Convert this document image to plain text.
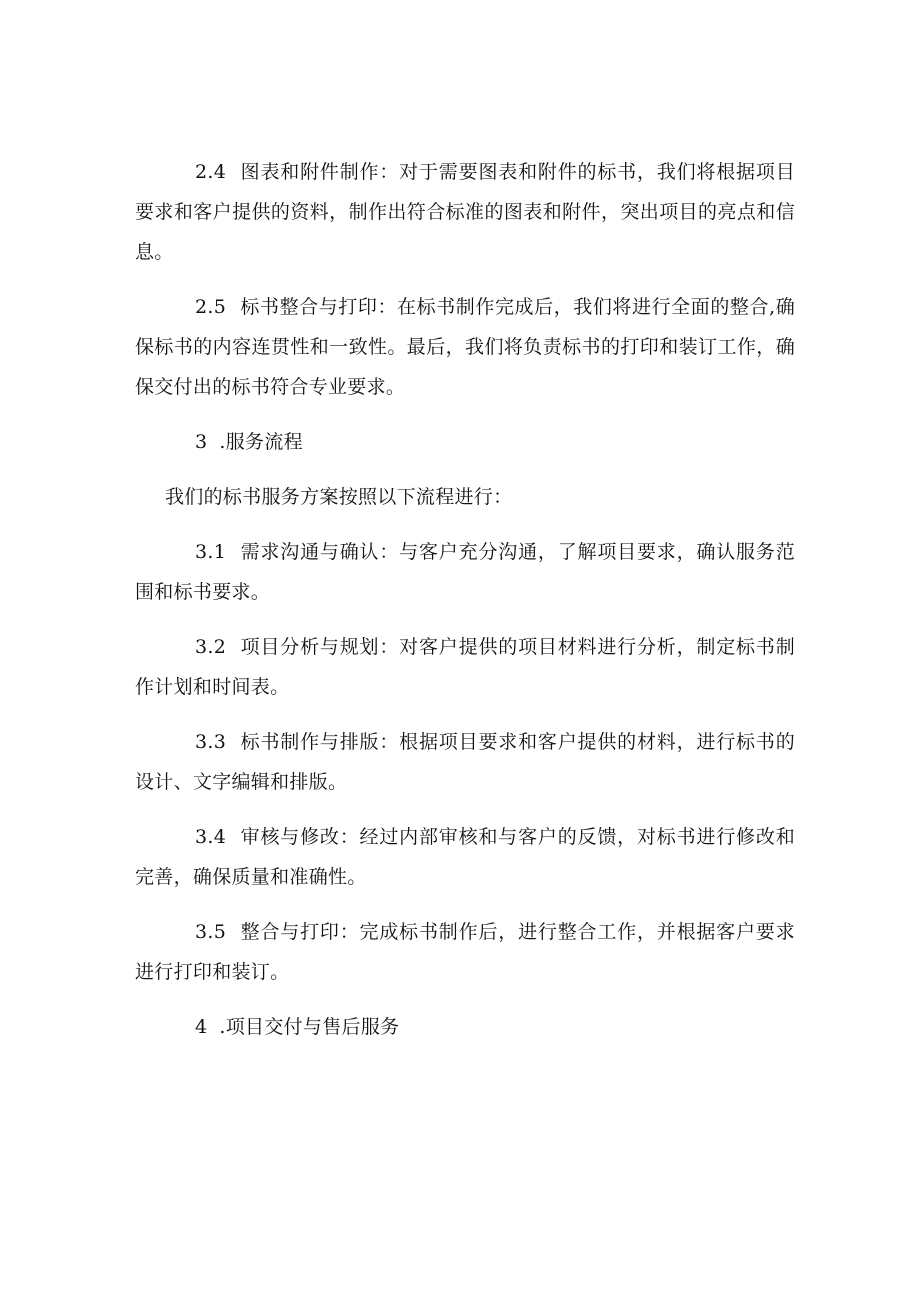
2.4 图表和附件制作：对于需要图表和附件的标书，我们将根据项目要求和客户提供的资料，制作出符合标准的图表和附件，突出项目的亮点和信息。

2.5 标书整合与打印：在标书制作完成后，我们将进行全面的整合,确保标书的内容连贯性和一致性。最后，我们将负责标书的打印和装订工作，确保交付出的标书符合专业要求。

3 .服务流程

我们的标书服务方案按照以下流程进行：

3.1 需求沟通与确认：与客户充分沟通，了解项目要求，确认服务范围和标书要求。

3.2 项目分析与规划：对客户提供的项目材料进行分析，制定标书制作计划和时间表。

3.3 标书制作与排版：根据项目要求和客户提供的材料，进行标书的设计、文字编辑和排版。

3.4 审核与修改：经过内部审核和与客户的反馈，对标书进行修改和完善，确保质量和准确性。

3.5 整合与打印：完成标书制作后，进行整合工作，并根据客户要求进行打印和装订。

4 .项目交付与售后服务
